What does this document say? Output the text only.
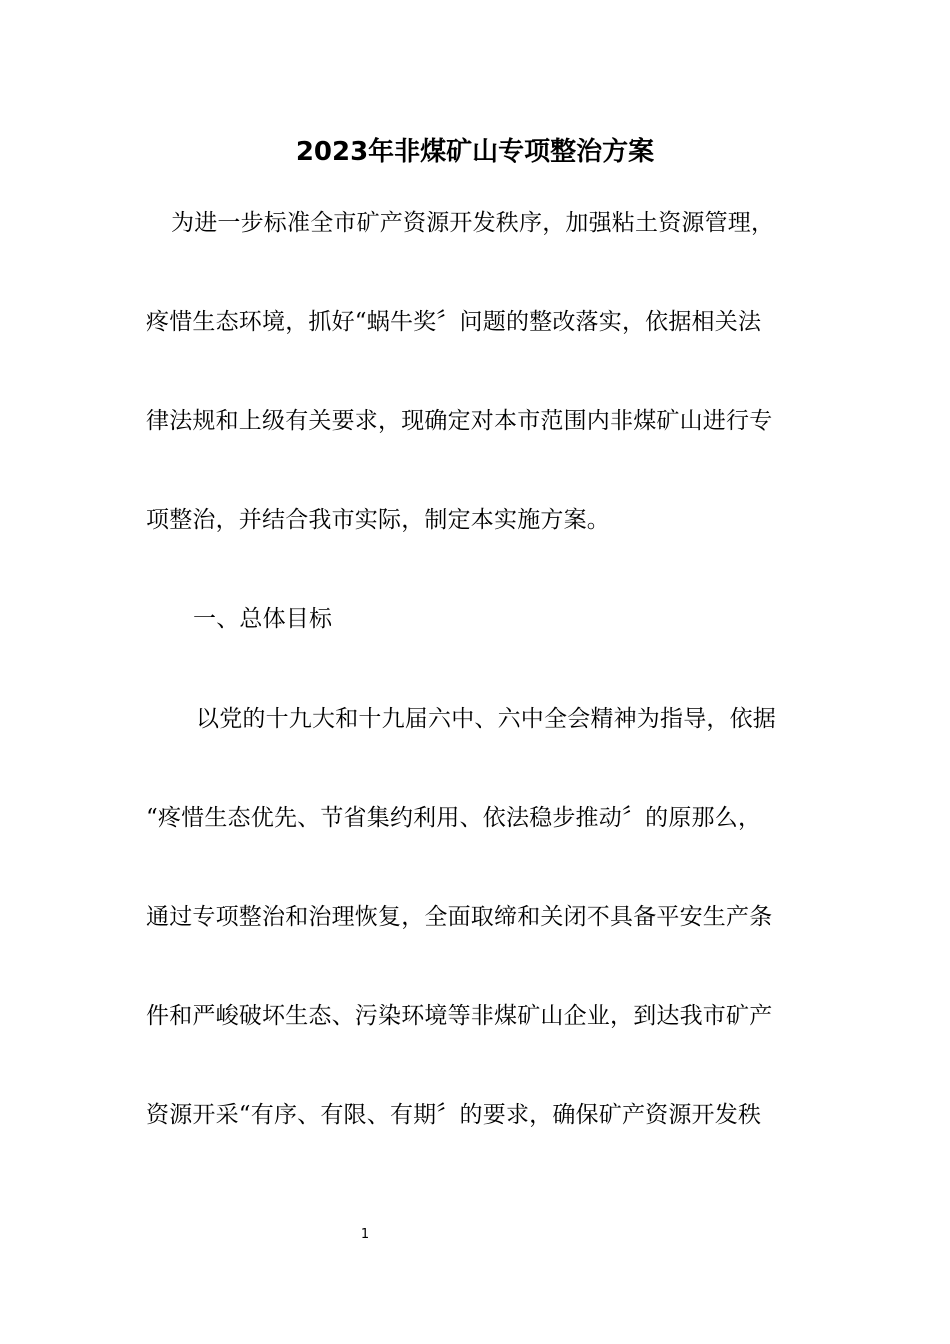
2023年非煤矿山专项整治方案
为进一步标准全市矿产资源开发秩序，加强粘土资源管理，
疼惜生态环境，抓好“蜗牛奖〞问题的整改落实，依据相关法
律法规和上级有关要求，现确定对本市范围内非煤矿山进行专
项整治，并结合我市实际，制定本实施方案。
一、总体目标
以党的十九大和十九届六中、六中全会精神为指导，依据
“疼惜生态优先、节省集约利用、依法稳步推动〞的原那么，
通过专项整治和治理恢复，全面取缔和关闭不具备平安生产条
件和严峻破坏生态、污染环境等非煤矿山企业，到达我市矿产
资源开采“有序、有限、有期〞的要求，确保矿产资源开发秩
1
